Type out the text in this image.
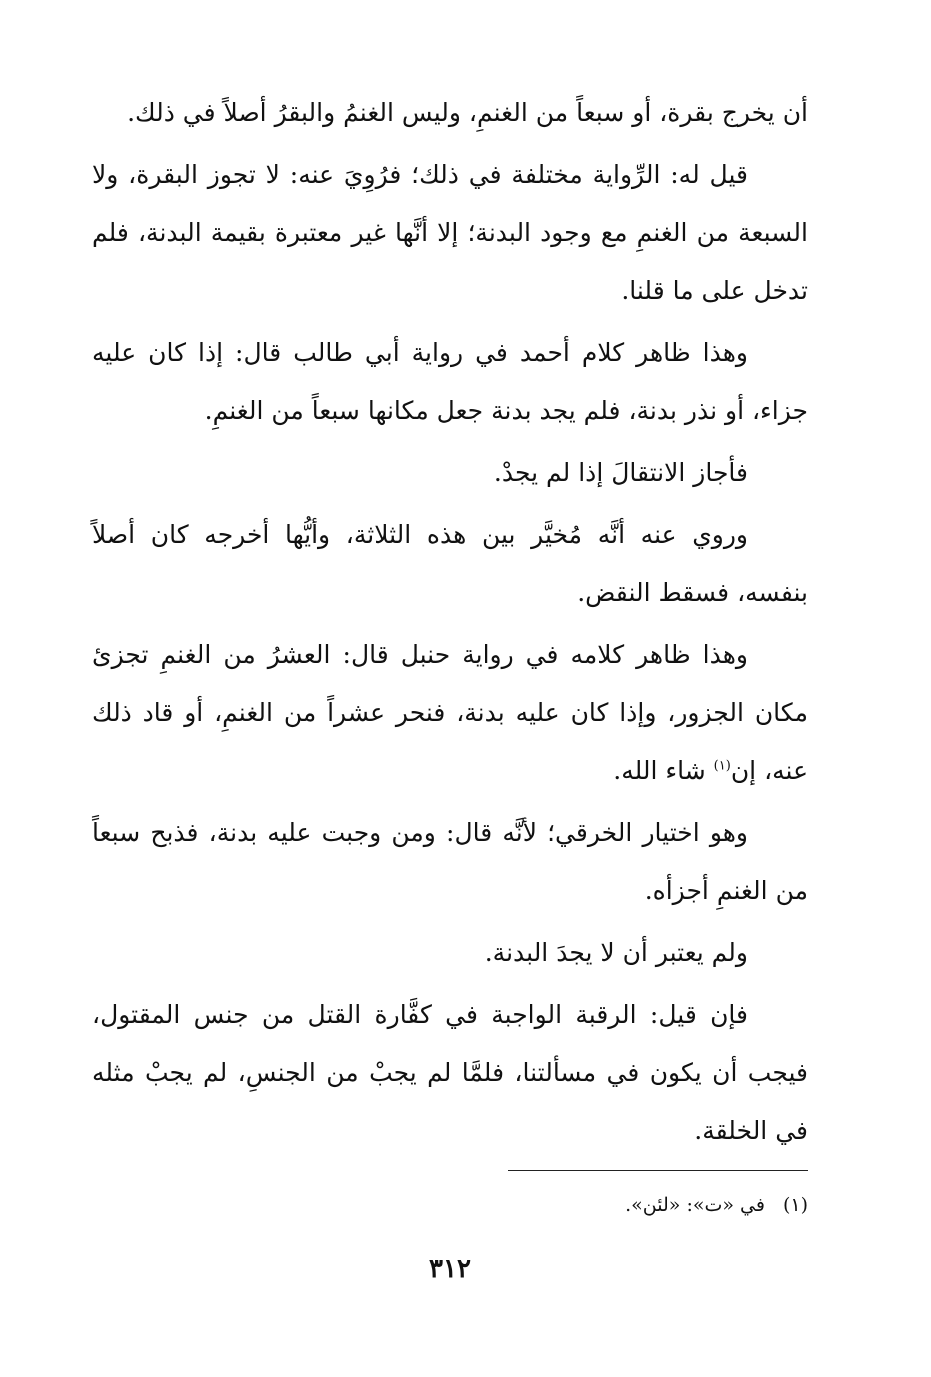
أن يخرج بقرة، أو سبعاً من الغنمِ، وليس الغنمُ والبقرُ أصلاً في ذلك.

قيل له: الرِّواية مختلفة في ذلك؛ فرُوِيَ عنه: لا تجوز البقرة، ولا السبعة من الغنمِ مع وجود البدنة؛ إلا أنَّها غير معتبرة بقيمة البدنة، فلم تدخل على ما قلنا.

وهذا ظاهر كلام أحمد في رواية أبي طالب قال: إذا كان عليه جزاء، أو نذر بدنة، فلم يجد بدنة جعل مكانها سبعاً من الغنمِ.

فأجاز الانتقالَ إذا لم يجدْ.

وروي عنه أنَّه مُخيَّر بين هذه الثلاثة، وأيُّها أخرجه كان أصلاً بنفسه، فسقط النقض.

وهذا ظاهر كلامه في رواية حنبل قال: العشرُ من الغنمِ تجزئ مكان الجزور، وإذا كان عليه بدنة، فنحر عشراً من الغنمِ، أو قاد ذلك عنه، إن$^{(١)}$ شاء الله.

وهو اختيار الخرقي؛ لأنَّه قال: ومن وجبت عليه بدنة، فذبح سبعاً من الغنمِ أجزأه.

ولم يعتبر أن لا يجدَ البدنة.

فإن قيل: الرقبة الواجبة في كفَّارة القتل من جنس المقتول، فيجب أن يكون في مسألتنا، فلمَّا لم يجبْ من الجنسِ، لم يجبْ مثله في الخلقة.

(١)في «ت»: «لئن».
٣١٢
